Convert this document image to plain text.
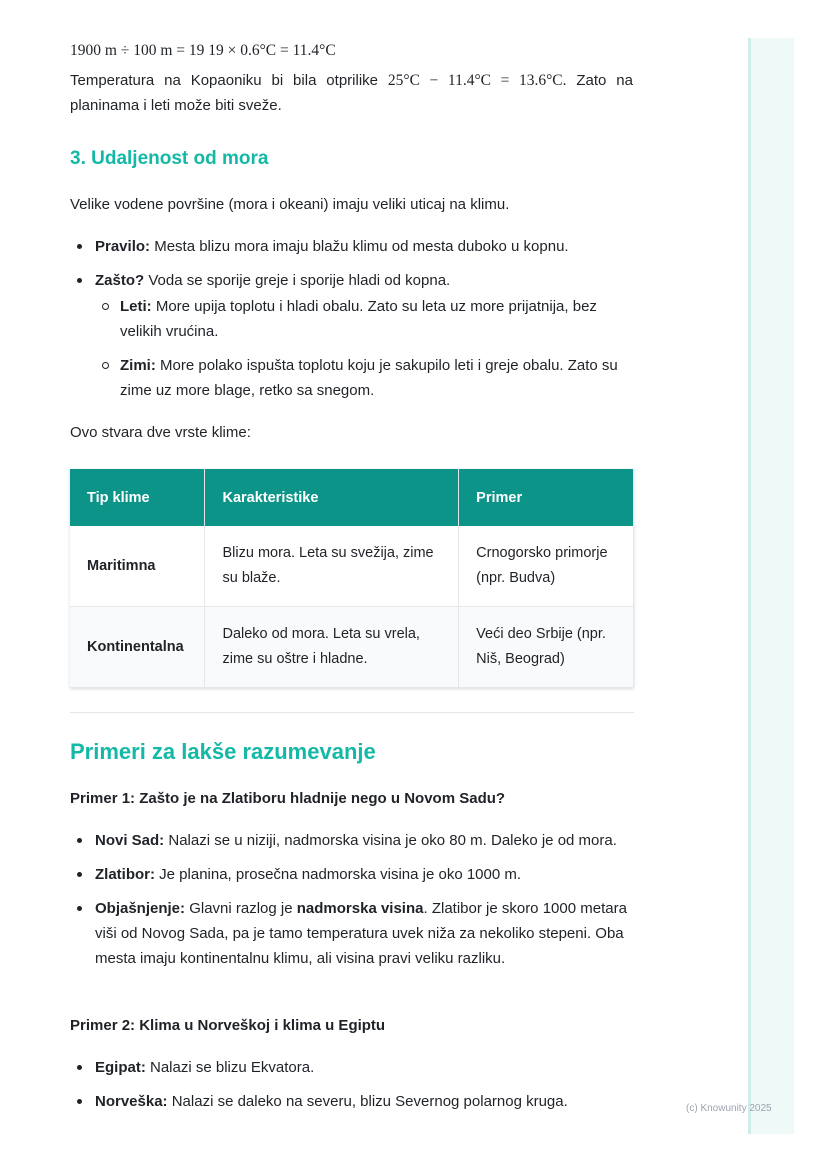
1900 m ÷ 100 m = 19 19 × 0.6°C = 11.4°C
Temperatura na Kopaoniku bi bila otprilike 25°C − 11.4°C = 13.6°C. Zato na planinama i leti može biti sveže.
3. Udaljenost od mora
Velike vodene površine (mora i okeani) imaju veliki uticaj na klimu.
Pravilo: Mesta blizu mora imaju blažu klimu od mesta duboko u kopnu.
Zašto? Voda se sporije greje i sporije hladi od kopna.
Leti: More upija toplotu i hladi obalu. Zato su leta uz more prijatnija, bez velikih vrućina.
Zimi: More polako ispušta toplotu koju je sakupilo leti i greje obalu. Zato su zime uz more blage, retko sa snegom.
Ovo stvara dve vrste klime:
Tip klime	Karakteristike	Primer
Maritimna	Blizu mora. Leta su svežija, zime su blaže.	Crnogorsko primorje (npr. Budva)
Kontinentalna	Daleko od mora. Leta su vrela, zime su oštre i hladne.	Veći deo Srbije (npr. Niš, Beograd)
Primeri za lakše razumevanje
Primer 1: Zašto je na Zlatiboru hladnije nego u Novom Sadu?
Novi Sad: Nalazi se u niziji, nadmorska visina je oko 80 m. Daleko je od mora.
Zlatibor: Je planina, prosečna nadmorska visina je oko 1000 m.
Objašnjenje: Glavni razlog je nadmorska visina. Zlatibor je skoro 1000 metara viši od Novog Sada, pa je tamo temperatura uvek niža za nekoliko stepeni. Oba mesta imaju kontinentalnu klimu, ali visina pravi veliku razliku.
Primer 2: Klima u Norveškoj i klima u Egiptu
Egipat: Nalazi se blizu Ekvatora.
Norveška: Nalazi se daleko na severu, blizu Severnog polarnog kruga.	(c) Knowunity 2025
